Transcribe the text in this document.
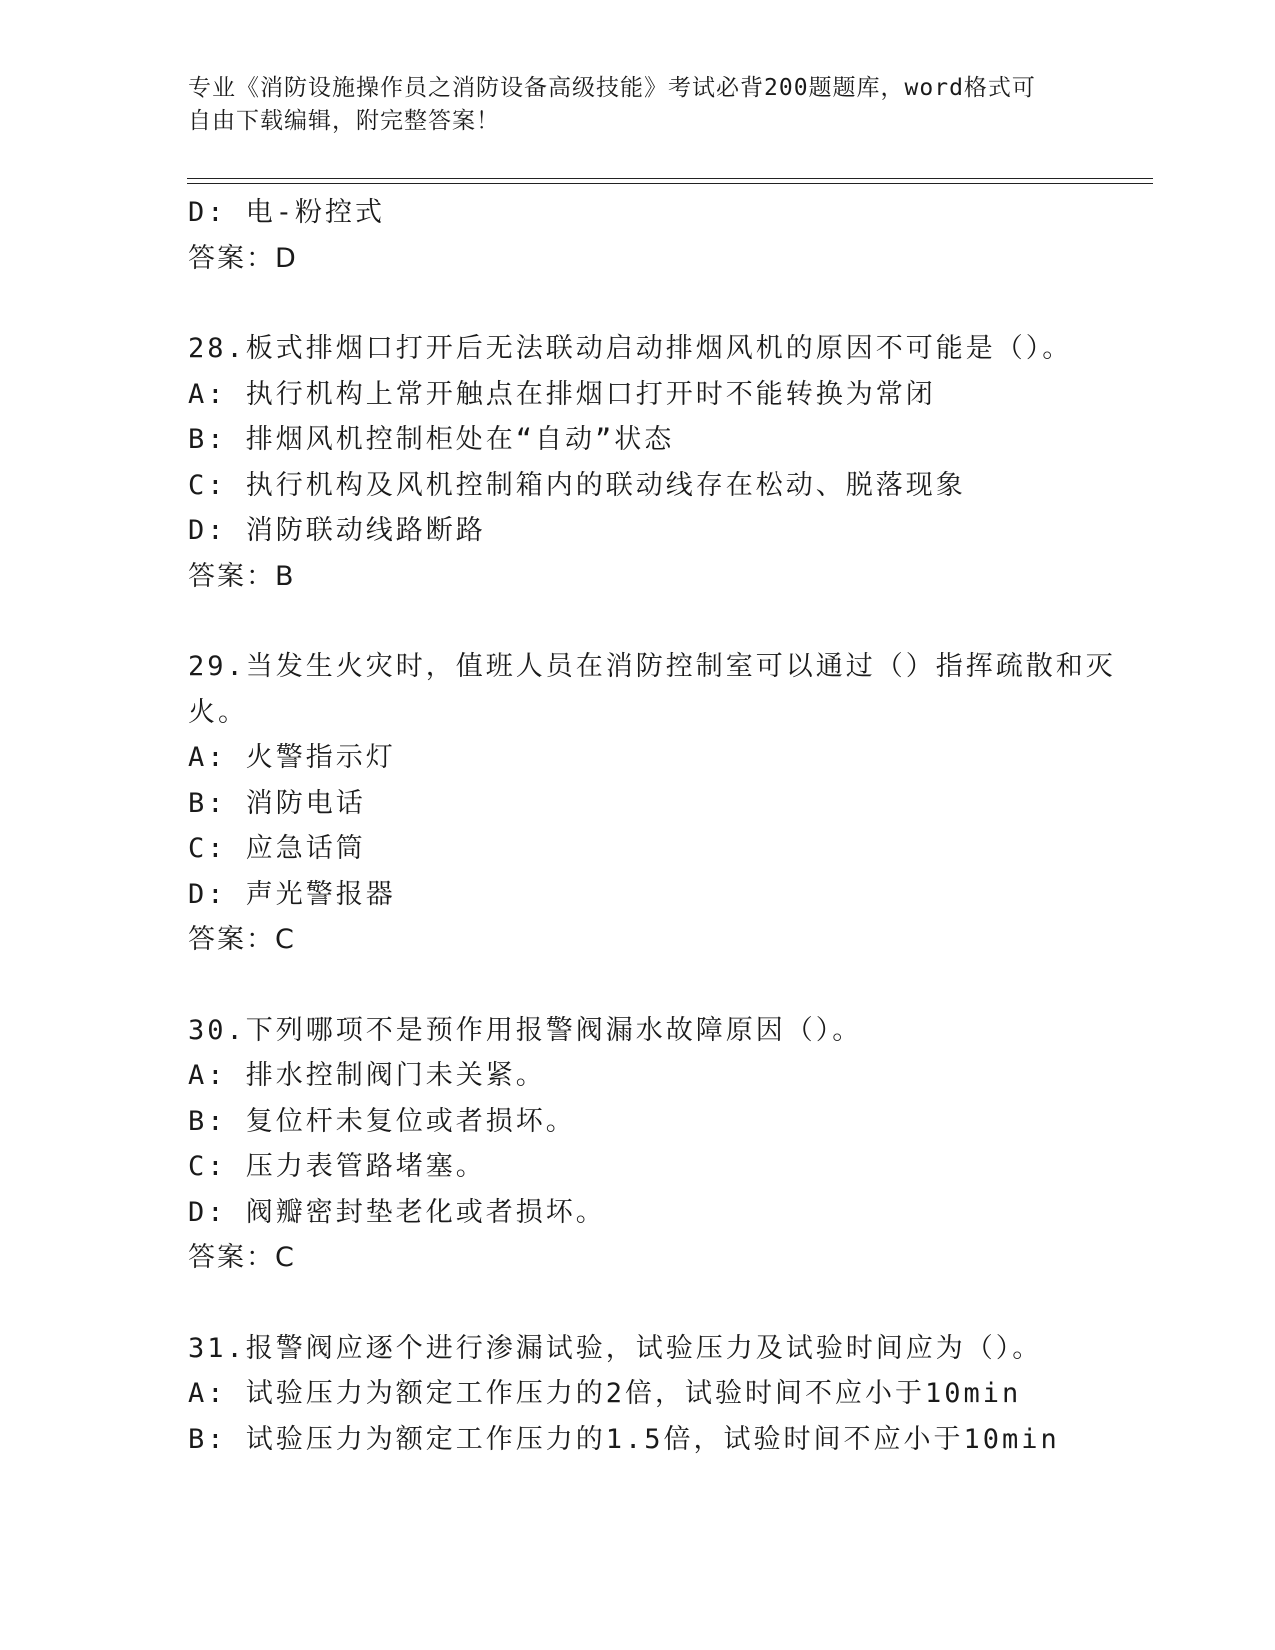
专业《消防设施操作员之消防设备高级技能》考试必背200题题库，word格式可
自由下载编辑，附完整答案！
D: 电-粉控式
答案：D
28.板式排烟口打开后无法联动启动排烟风机的原因不可能是（）。
A: 执行机构上常开触点在排烟口打开时不能转换为常闭
B: 排烟风机控制柜处在“自动”状态
C: 执行机构及风机控制箱内的联动线存在松动、脱落现象
D: 消防联动线路断路
答案：B
29.当发生火灾时，值班人员在消防控制室可以通过（）指挥疏散和灭
火。
A: 火警指示灯
B: 消防电话
C: 应急话筒
D: 声光警报器
答案：C
30.下列哪项不是预作用报警阀漏水故障原因（）。
A: 排水控制阀门未关紧。
B: 复位杆未复位或者损坏。
C: 压力表管路堵塞。
D: 阀瓣密封垫老化或者损坏。
答案：C
31.报警阀应逐个进行渗漏试验，试验压力及试验时间应为（）。
A: 试验压力为额定工作压力的2倍，试验时间不应小于10min
B: 试验压力为额定工作压力的1.5倍，试验时间不应小于10min
